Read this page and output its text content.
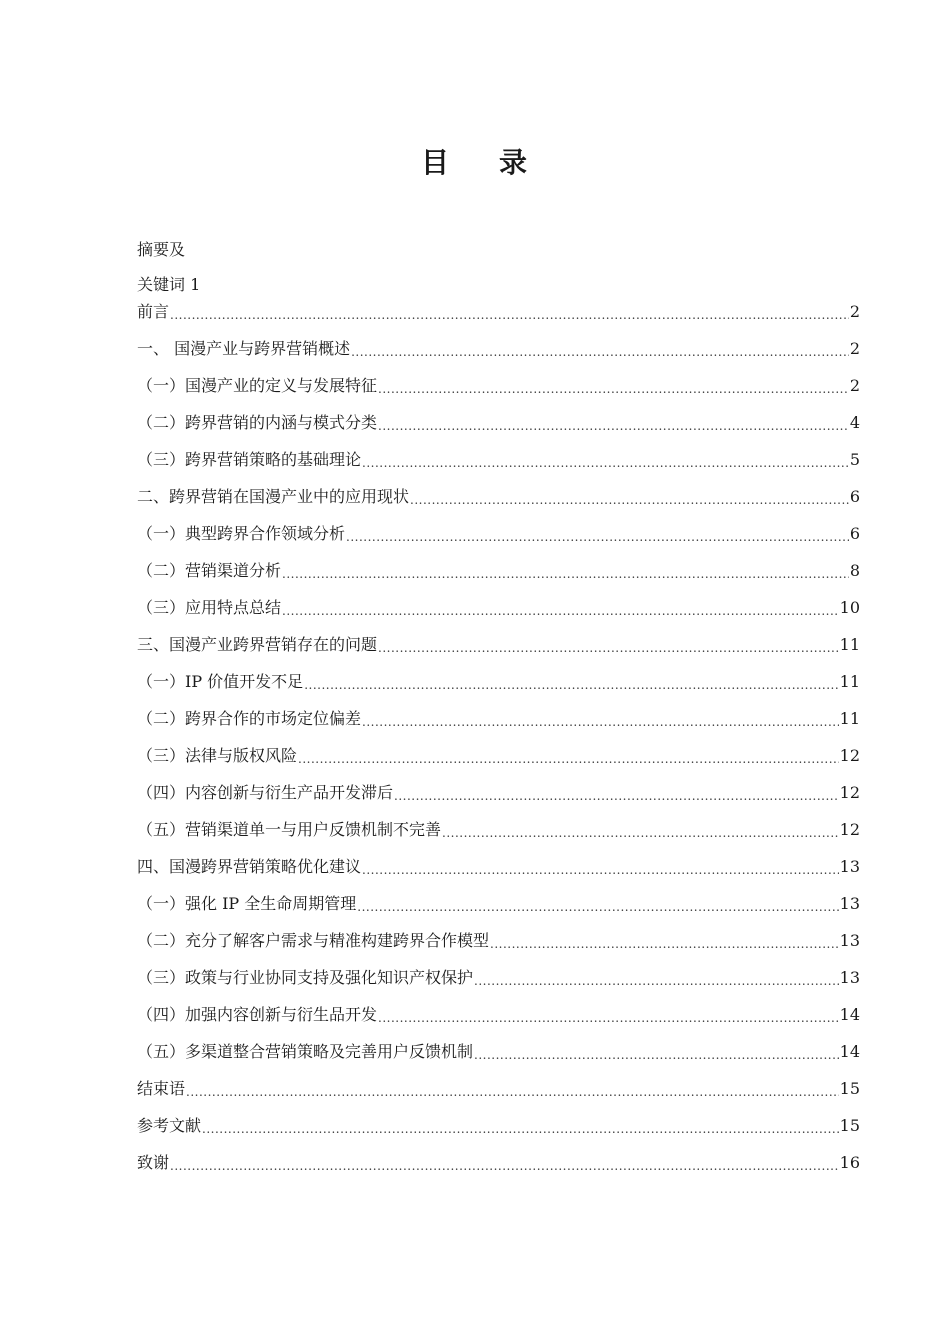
目 录
摘要及
关键词 1
前言 .....	2
一、 国漫产业与跨界营销概述 .....	2
（一）国漫产业的定义与发展特征 .....	2
（二）跨界营销的内涵与模式分类 .....	4
（三）跨界营销策略的基础理论 .....	5
二、跨界营销在国漫产业中的应用现状 .....	6
（一）典型跨界合作领域分析 .....	6
（二）营销渠道分析 .....	8
（三）应用特点总结 .....	10
三、国漫产业跨界营销存在的问题 .....	11
（一）IP 价值开发不足 .....	11
（二）跨界合作的市场定位偏差 .....	11
（三）法律与版权风险 .....	12
（四）内容创新与衍生产品开发滞后 .....	12
（五）营销渠道单一与用户反馈机制不完善 .....	12
四、国漫跨界营销策略优化建议 .....	13
（一）强化 IP 全生命周期管理 .....	13
（二）充分了解客户需求与精准构建跨界合作模型 .....	13
（三）政策与行业协同支持及强化知识产权保护 .....	13
（四）加强内容创新与衍生品开发 .....	14
（五）多渠道整合营销策略及完善用户反馈机制 .....	14
结束语 .....	15
参考文献 .....	15
致谢 .....	16
